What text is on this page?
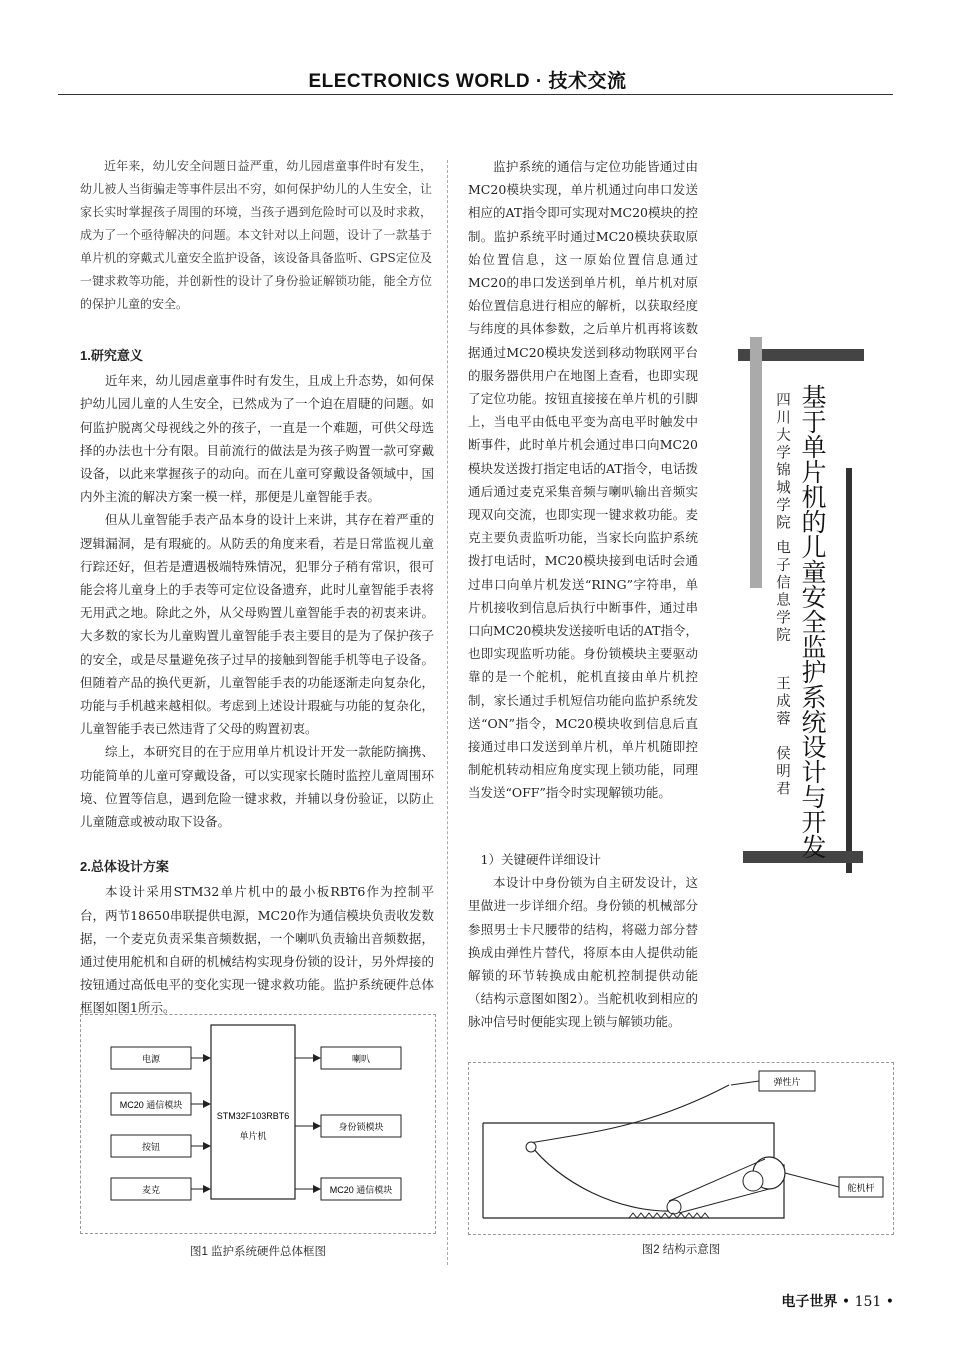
ELECTRONICS WORLD · 技术交流

近年来，幼儿安全问题日益严重，幼儿园虐童事件时有发生，幼儿被人当街骗走等事件层出不穷，如何保护幼儿的人生安全，让家长实时掌握孩子周围的环境，当孩子遇到危险时可以及时求救，成为了一个亟待解决的问题。本文针对以上问题，设计了一款基于单片机的穿戴式儿童安全监护设备，该设备具备监听、GPS定位及一键求救等功能，并创新性的设计了身份验证解锁功能，能全方位的保护儿童的安全。

1.研究意义

近年来，幼儿园虐童事件时有发生，且成上升态势，如何保护幼儿园儿童的人生安全，已然成为了一个迫在眉睫的问题。如何监护脱离父母视线之外的孩子，一直是一个难题，可供父母选择的办法也十分有限。目前流行的做法是为孩子购置一款可穿戴设备，以此来掌握孩子的动向。而在儿童可穿戴设备领域中，国内外主流的解决方案一模一样，那便是儿童智能手表。

但从儿童智能手表产品本身的设计上来讲，其存在着严重的逻辑漏洞，是有瑕疵的。从防丢的角度来看，若是日常监视儿童行踪还好，但若是遭遇极端特殊情况，犯罪分子稍有常识，很可能会将儿童身上的手表等可定位设备遗弃，此时儿童智能手表将无用武之地。除此之外，从父母购置儿童智能手表的初衷来讲。大多数的家长为儿童购置儿童智能手表主要目的是为了保护孩子的安全，或是尽量避免孩子过早的接触到智能手机等电子设备。但随着产品的换代更新，儿童智能手表的功能逐渐走向复杂化，功能与手机越来越相似。考虑到上述设计瑕疵与功能的复杂化，儿童智能手表已然违背了父母的购置初衷。

综上，本研究目的在于应用单片机设计开发一款能防摘携、功能简单的儿童可穿戴设备，可以实现家长随时监控儿童周围环境、位置等信息，遇到危险一键求救，并辅以身份验证，以防止儿童随意或被动取下设备。

2.总体设计方案

本设计采用STM32单片机中的最小板RBT6作为控制平台，两节18650串联提供电源，MC20作为通信模块负责收发数据，一个麦克负责采集音频数据，一个喇叭负责输出音频数据，通过使用舵机和自研的机械结构实现身份锁的设计，另外焊接的按钮通过高低电平的变化实现一键求救功能。监护系统硬件总体框图如图1所示。

监护系统的通信与定位功能皆通过由MC20模块实现，单片机通过向串口发送相应的AT指令即可实现对MC20模块的控制。监护系统平时通过MC20模块获取原始位置信息，这一原始位置信息通过MC20的串口发送到单片机，单片机对原始位置信息进行相应的解析，以获取经度与纬度的具体参数，之后单片机再将该数据通过MC20模块发送到移动物联网平台的服务器供用户在地图上查看，也即实现了定位功能。按钮直接接在单片机的引脚上，当电平由低电平变为高电平时触发中断事件，此时单片机会通过串口向MC20模块发送拨打指定电话的AT指令，电话拨通后通过麦克采集音频与喇叭输出音频实现双向交流，也即实现一键求救功能。麦克主要负责监听功能，当家长向监护系统拨打电话时，MC20模块接到电话时会通过串口向单片机发送“RING”字符串，单片机接收到信息后执行中断事件，通过串口向MC20模块发送接听电话的AT指令，也即实现监听功能。身份锁模块主要驱动靠的是一个舵机，舵机直接由单片机控制，家长通过手机短信功能向监护系统发送“ON”指令，MC20模块收到信息后直接通过串口发送到单片机，单片机随即控制舵机转动相应角度实现上锁功能，同理当发送“OFF”指令时实现解锁功能。	基于单片机的儿童安全监护系统设计与开发
四川大学锦城学院 电子信息学院  王成蓉　侯明君

1）关键硬件详细设计

本设计中身份锁为自主研发设计，这里做进一步详细介绍。身份锁的机械部分参照男士卡尺腰带的结构，将磁力部分替换成由弹性片替代，将原本由人提供动能解锁的环节转换成由舵机控制提供动能（结构示意图如图2）。当舵机收到相应的脉冲信号时便能实现上锁与解锁功能。

STM32F103RBT6
单片机
电源
MC20 通信模块
按钮
麦克
喇叭
身份锁模块
MC20 通信模块
图1 监护系统硬件总体框图
弹性片
舵机杆
图2 结构示意图
电子世界 • 151 •
